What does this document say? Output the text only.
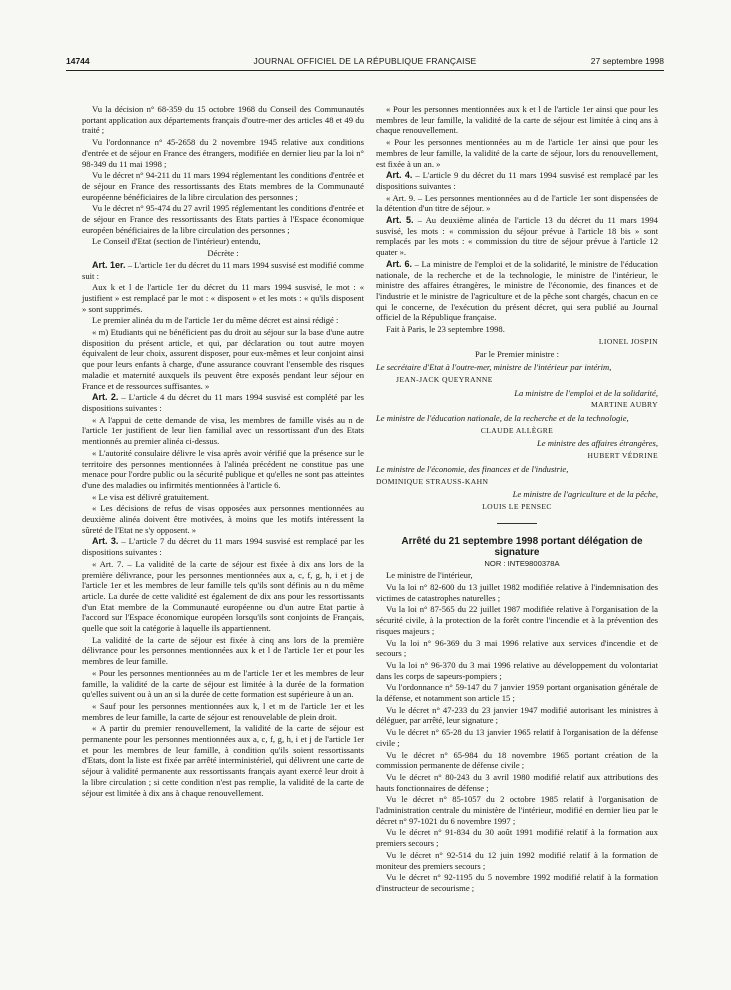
14744	JOURNAL OFFICIEL DE LA RÉPUBLIQUE FRANÇAISE	27 septembre 1998

Vu la décision n° 68-359 du 15 octobre 1968 du Conseil des Communautés portant application aux départements français d'outre-mer des articles 48 et 49 du traité ;

Vu l'ordonnance n° 45-2658 du 2 novembre 1945 relative aux conditions d'entrée et de séjour en France des étrangers, modifiée en dernier lieu par la loi n° 98-349 du 11 mai 1998 ;

Vu le décret n° 94-211 du 11 mars 1994 réglementant les conditions d'entrée et de séjour en France des ressortissants des Etats membres de la Communauté européenne bénéficiaires de la libre circulation des personnes ;

Vu le décret n° 95-474 du 27 avril 1995 réglementant les conditions d'entrée et de séjour en France des ressortissants des Etats parties à l'Espace économique européen bénéficiaires de la libre circulation des personnes ;

Le Conseil d'Etat (section de l'intérieur) entendu,

Décrète :

Art. 1er. – L'article 1er du décret du 11 mars 1994 susvisé est modifié comme suit :

Aux k et l de l'article 1er du décret du 11 mars 1994 susvisé, le mot : « justifient » est remplacé par le mot : « disposent » et les mots : « qu'ils disposent » sont supprimés.

Le premier alinéa du m de l'article 1er du même décret est ainsi rédigé :

« m) Etudiants qui ne bénéficient pas du droit au séjour sur la base d'une autre disposition du présent article, et qui, par déclaration ou tout autre moyen équivalent de leur choix, assurent disposer, pour eux-mêmes et leur conjoint ainsi que pour leurs enfants à charge, d'une assurance couvrant l'ensemble des risques maladie et maternité auxquels ils peuvent être exposés pendant leur séjour en France et de ressources suffisantes. »

Art. 2. – L'article 4 du décret du 11 mars 1994 susvisé est complété par les dispositions suivantes :

« A l'appui de cette demande de visa, les membres de famille visés au n de l'article 1er justifient de leur lien familial avec un ressortissant d'un des Etats mentionnés au premier alinéa ci-dessus.

« L'autorité consulaire délivre le visa après avoir vérifié que la présence sur le territoire des personnes mentionnées à l'alinéa précédent ne constitue pas une menace pour l'ordre public ou la sécurité publique et qu'elles ne sont pas atteintes d'une des maladies ou infirmités mentionnées à l'article 6.

« Le visa est délivré gratuitement.

« Les décisions de refus de visas opposées aux personnes mentionnées au deuxième alinéa doivent être motivées, à moins que les motifs intéressent la sûreté de l'Etat ne s'y opposent. »

Art. 3. – L'article 7 du décret du 11 mars 1994 susvisé est remplacé par les dispositions suivantes :

« Art. 7. – La validité de la carte de séjour est fixée à dix ans lors de la première délivrance, pour les personnes mentionnées aux a, c, f, g, h, i et j de l'article 1er et les membres de leur famille tels qu'ils sont définis au n du même article. La durée de cette validité est également de dix ans pour les ressortissants d'un Etat membre de la Communauté européenne ou d'un autre Etat partie à l'accord sur l'Espace économique européen lorsqu'ils sont conjoints de Français, quelle que soit la catégorie à laquelle ils appartiennent.

La validité de la carte de séjour est fixée à cinq ans lors de la première délivrance pour les personnes mentionnées aux k et l de l'article 1er et pour les membres de leur famille.

« Pour les personnes mentionnées au m de l'article 1er et les membres de leur famille, la validité de la carte de séjour est limitée à la durée de la formation qu'elles suivent ou à un an si la durée de cette formation est supérieure à un an.

« Sauf pour les personnes mentionnées aux k, l et m de l'article 1er et les membres de leur famille, la carte de séjour est renouvelable de plein droit.

« A partir du premier renouvellement, la validité de la carte de séjour est permanente pour les personnes mentionnées aux a, c, f, g, h, i et j de l'article 1er et pour les membres de leur famille, à condition qu'ils soient ressortissants d'Etats, dont la liste est fixée par arrêté interministériel, qui délivrent une carte de séjour à validité permanente aux ressortissants français ayant exercé leur droit à la libre circulation ; si cette condition n'est pas remplie, la validité de la carte de séjour est limitée à dix ans à chaque renouvellement.

« Pour les personnes mentionnées aux k et l de l'article 1er ainsi que pour les membres de leur famille, la validité de la carte de séjour est limitée à cinq ans à chaque renouvellement.

« Pour les personnes mentionnées au m de l'article 1er ainsi que pour les membres de leur famille, la validité de la carte de séjour, lors du renouvellement, est fixée à un an. »

Art. 4. – L'article 9 du décret du 11 mars 1994 susvisé est remplacé par les dispositions suivantes :

« Art. 9. – Les personnes mentionnées au d de l'article 1er sont dispensées de la détention d'un titre de séjour. »

Art. 5. – Au deuxième alinéa de l'article 13 du décret du 11 mars 1994 susvisé, les mots : « commission du séjour prévue à l'article 18 bis » sont remplacés par les mots : « commission du titre de séjour prévue à l'article 12 quater ».

Art. 6. – La ministre de l'emploi et de la solidarité, le ministre de l'éducation nationale, de la recherche et de la technologie, le ministre de l'intérieur, le ministre des affaires étrangères, le ministre de l'économie, des finances et de l'industrie et le ministre de l'agriculture et de la pêche sont chargés, chacun en ce qui le concerne, de l'exécution du présent décret, qui sera publié au Journal officiel de la République française.

Fait à Paris, le 23 septembre 1998.

LIONEL JOSPIN

Par le Premier ministre :

Le secrétaire d'Etat à l'outre-mer, ministre de l'intérieur par intérim,

JEAN-JACK QUEYRANNE

La ministre de l'emploi et de la solidarité,

MARTINE AUBRY

Le ministre de l'éducation nationale, de la recherche et de la technologie,

CLAUDE ALLÈGRE

Le ministre des affaires étrangères,

HUBERT VÉDRINE

Le ministre de l'économie, des finances et de l'industrie,

DOMINIQUE STRAUSS-KAHN

Le ministre de l'agriculture et de la pêche,

LOUIS LE PENSEC

Arrêté du 21 septembre 1998 portant délégation de signature

NOR : INTE9800378A

Le ministre de l'intérieur,

Vu la loi n° 82-600 du 13 juillet 1982 modifiée relative à l'indemnisation des victimes de catastrophes naturelles ;

Vu la loi n° 87-565 du 22 juillet 1987 modifiée relative à l'organisation de la sécurité civile, à la protection de la forêt contre l'incendie et à la prévention des risques majeurs ;

Vu la loi n° 96-369 du 3 mai 1996 relative aux services d'incendie et de secours ;

Vu la loi n° 96-370 du 3 mai 1996 relative au développement du volontariat dans les corps de sapeurs-pompiers ;

Vu l'ordonnance n° 59-147 du 7 janvier 1959 portant organisation générale de la défense, et notamment son article 15 ;

Vu le décret n° 47-233 du 23 janvier 1947 modifié autorisant les ministres à déléguer, par arrêté, leur signature ;

Vu le décret n° 65-28 du 13 janvier 1965 relatif à l'organisation de la défense civile ;

Vu le décret n° 65-984 du 18 novembre 1965 portant création de la commission permanente de défense civile ;

Vu le décret n° 80-243 du 3 avril 1980 modifié relatif aux attributions des hauts fonctionnaires de défense ;

Vu le décret n° 85-1057 du 2 octobre 1985 relatif à l'organisation de l'administration centrale du ministère de l'intérieur, modifié en dernier lieu par le décret n° 97-1021 du 6 novembre 1997 ;

Vu le décret n° 91-834 du 30 août 1991 modifié relatif à la formation aux premiers secours ;

Vu le décret n° 92-514 du 12 juin 1992 modifié relatif à la formation de moniteur des premiers secours ;

Vu le décret n° 92-1195 du 5 novembre 1992 modifié relatif à la formation d'instructeur de secourisme ;
